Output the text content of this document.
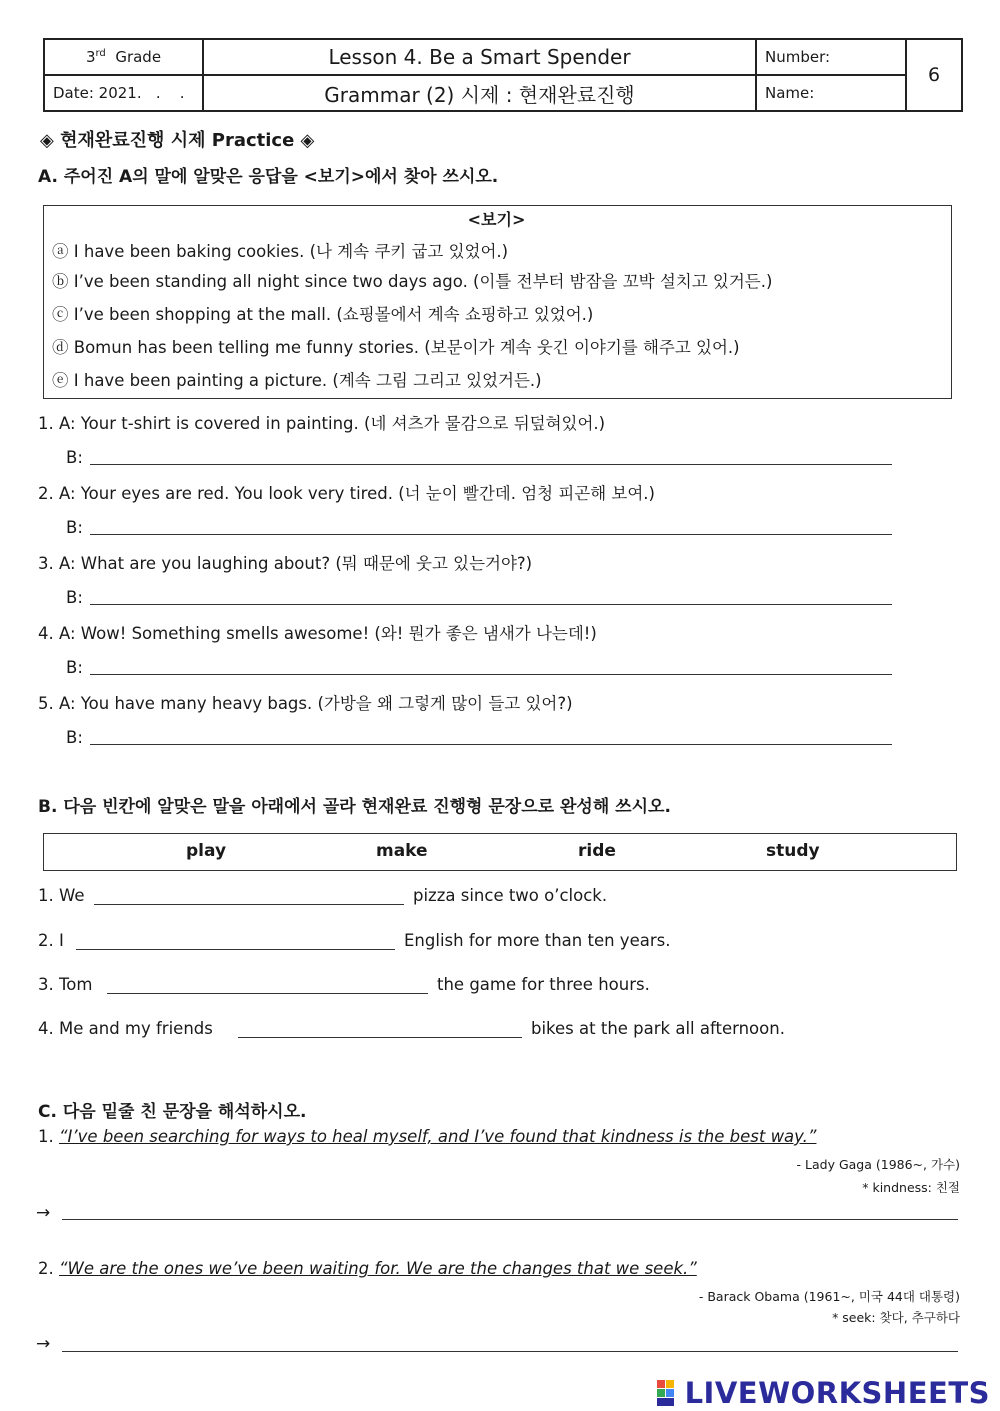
3rd Grade	Lesson 4. Be a Smart Spender	Number:	6
Date: 2021.   .    .	Grammar (2) 시제 : 현재완료진행	Name:	
◈ 현재완료진행 시제 Practice ◈
A. 주어진 A의 말에 알맞은 응답을 <보기>에서 찾아 쓰시오.
<보기>
ⓐ I have been baking cookies. (나 계속 쿠키 굽고 있었어.)
ⓑ I’ve been standing all night since two days ago. (이틀 전부터 밤잠을 꼬박 설치고 있거든.)
ⓒ I’ve been shopping at the mall. (쇼핑몰에서 계속 쇼핑하고 있었어.)
ⓓ Bomun has been telling me funny stories. (보문이가 계속 웃긴 이야기를 해주고 있어.)
ⓔ I have been painting a picture. (계속 그림 그리고 있었거든.)
1. A: Your t-shirt is covered in painting. (네 셔츠가 물감으로 뒤덮혀있어.)
B:
2. A: Your eyes are red. You look very tired. (너 눈이 빨간데. 엄청 피곤해 보여.)
B:
3. A: What are you laughing about? (뭐 때문에 웃고 있는거야?)
B:
4. A: Wow! Something smells awesome! (와! 뭔가 좋은 냄새가 나는데!)
B:
5. A: You have many heavy bags. (가방을 왜 그렇게 많이 들고 있어?)
B:
B. 다음 빈칸에 알맞은 말을 아래에서 골라 현재완료 진행형 문장으로 완성해 쓰시오.
play	make	ride	study
1. We	pizza since two o’clock.
2. I	English for more than ten years.
3. Tom	the game for three hours.
4. Me and my friends	bikes at the park all afternoon.
C. 다음 밑줄 친 문장을 해석하시오.
1. “I’ve been searching for ways to heal myself, and I’ve found that kindness is the best way.”
- Lady Gaga (1986~, 가수)
* kindness: 친절
→
2. “We are the ones we’ve been waiting for. We are the changes that we seek.”
- Barack Obama (1961~, 미국 44대 대통령)
* seek: 찾다, 추구하다
→
LIVEWORKSHEETS
